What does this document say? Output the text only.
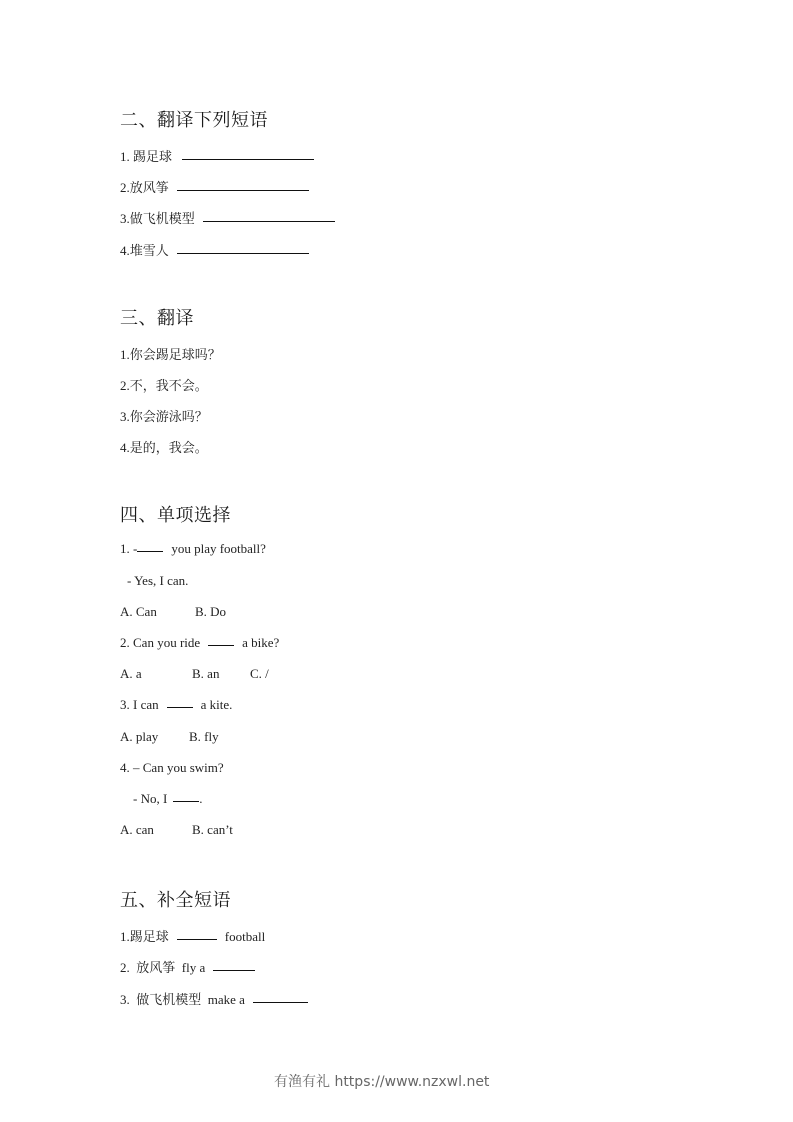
二、翻译下列短语
1. 踢足球
2.放风筝
3.做飞机模型
4.堆雪人
三、翻译
1.你会踢足球吗？
2.不，我不会。
3.你会游泳吗？
4.是的，我会。
四、单项选择
1. -	you play football?
- Yes, I can.
A. Can	B. Do
2. Can you ride	a bike?
A. a	B. an C. /
3. I can	a kite.
A. play B. fly
4. – Can you swim?
- No, I .
A. can	B. can’t
五、补全短语
1.踢足球	football
2.  放风筝  fly a
3.  做飞机模型  make a
有渔有礼 https://www.nzxwl.net
